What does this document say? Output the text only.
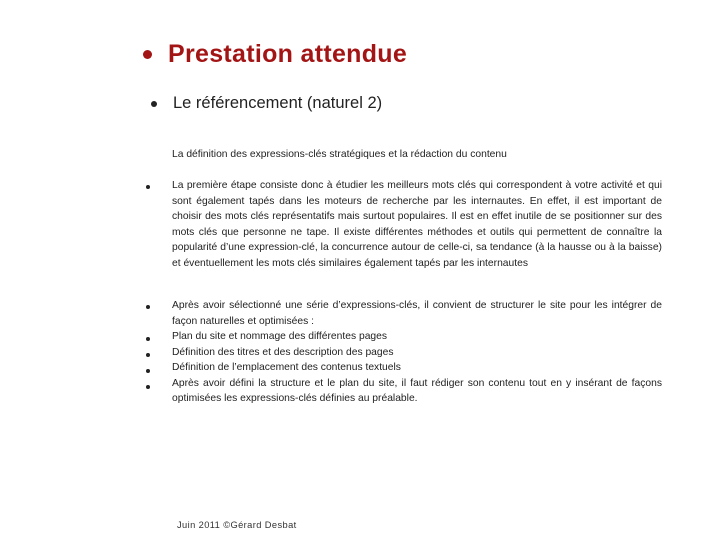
Prestation attendue
Le référencement (naturel 2)
La définition des expressions-clés stratégiques et la rédaction du contenu
La première étape consiste donc à étudier les meilleurs mots clés qui correspondent à votre activité et qui sont également tapés dans les moteurs de recherche par les internautes. En effet, il est important de choisir des mots clés représentatifs mais surtout populaires. Il est en effet inutile de se positionner sur des mots clés que personne ne tape. Il existe différentes méthodes et outils qui permettent de connaître la popularité d’une expression-clé, la concurrence autour de celle-ci, sa tendance (à la hausse ou à la baisse) et éventuellement les mots clés similaires également tapés par les internautes
Après avoir sélectionné une série d’expressions-clés, il convient de structurer le site pour les intégrer de façon naturelles et optimisées :
Plan du site et nommage des différentes pages
Définition des titres et des description des pages
Définition de l’emplacement des contenus textuels
Après avoir défini la structure et le plan du site, il faut rédiger son contenu tout en y insérant de façons optimisées les expressions-clés définies au préalable.
Juin 2011 ©Gérard Desbat
